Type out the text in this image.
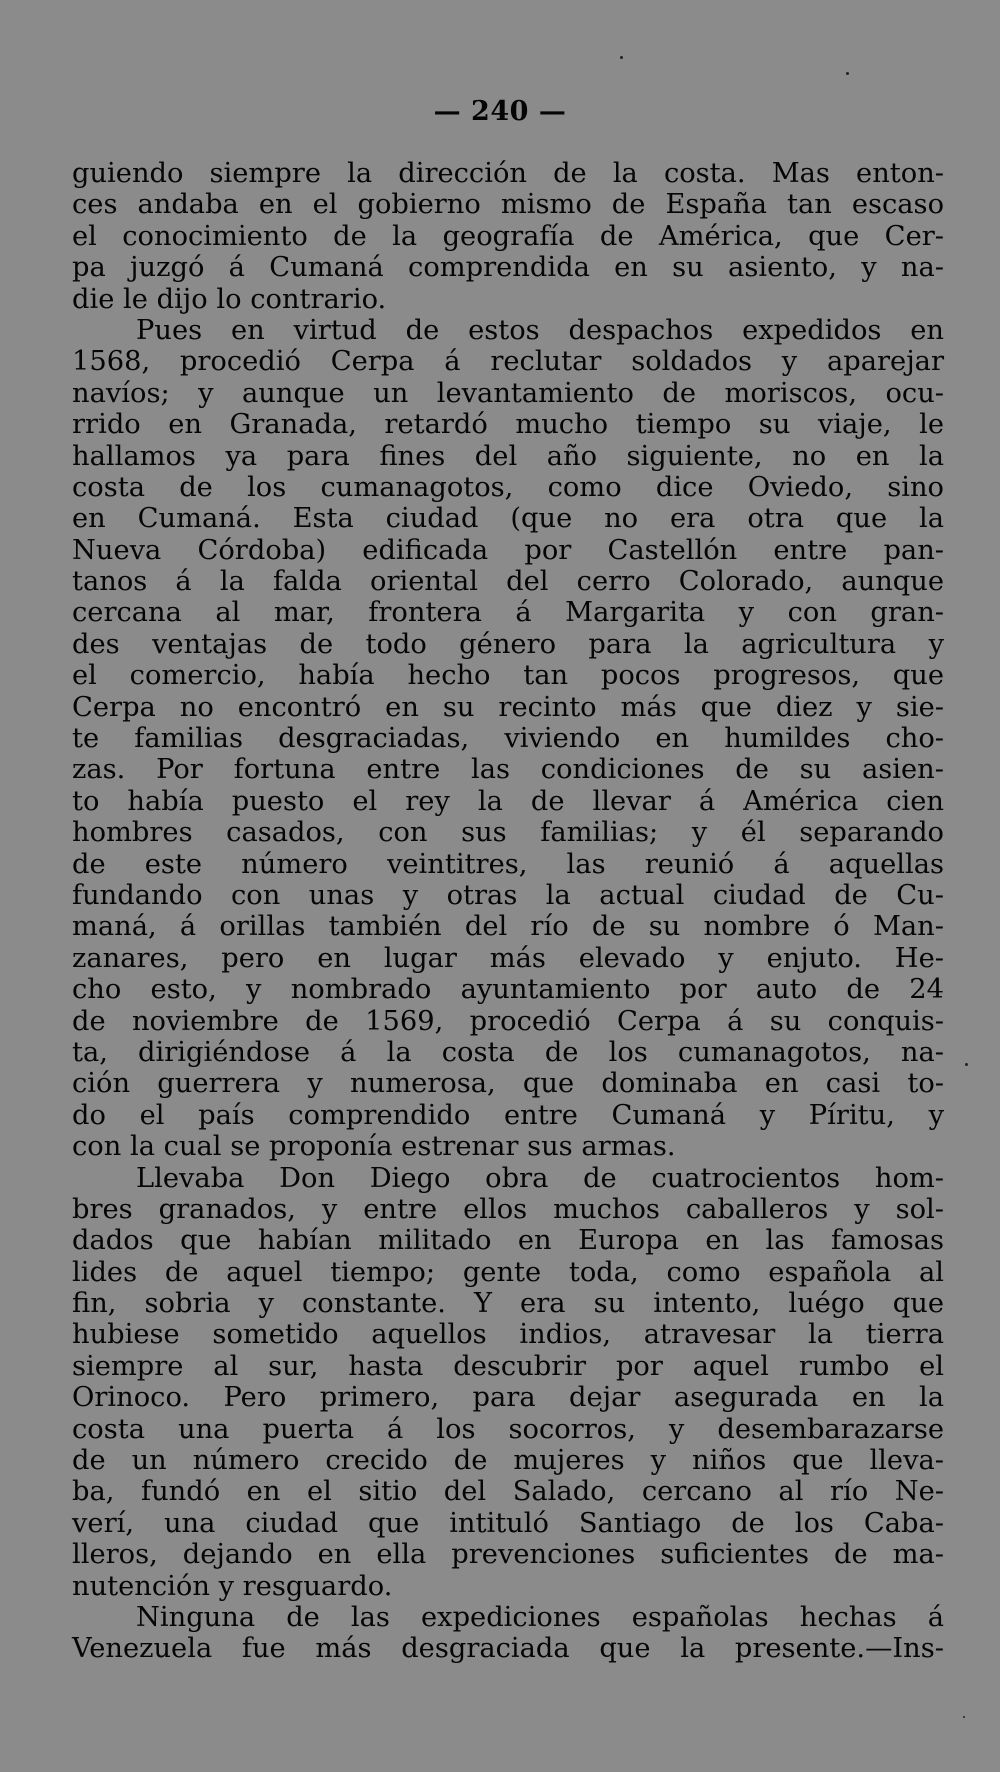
— 240 —
guiendo siempre la dirección de la costa. Mas enton-
ces andaba en el gobierno mismo de España tan escaso
el conocimiento de la geografía de América, que Cer-
pa juzgó á Cumaná comprendida en su asiento, y na-
die le dijo lo contrario.
Pues en virtud de estos despachos expedidos en
1568, procedió Cerpa á reclutar soldados y aparejar
navíos; y aunque un levantamiento de moriscos, ocu-
rrido en Granada, retardó mucho tiempo su viaje, le
hallamos ya para fines del año siguiente, no en la
costa de los cumanagotos, como dice Oviedo, sino
en Cumaná. Esta ciudad (que no era otra que la
Nueva Córdoba) edificada por Castellón entre pan-
tanos á la falda oriental del cerro Colorado, aunque
cercana al mar, frontera á Margarita y con gran-
des ventajas de todo género para la agricultura y
el comercio, había hecho tan pocos progresos, que
Cerpa no encontró en su recinto más que diez y sie-
te familias desgraciadas, viviendo en humildes cho-
zas. Por fortuna entre las condiciones de su asien-
to había puesto el rey la de llevar á América cien
hombres casados, con sus familias; y él separando
de este número veintitres, las reunió á aquellas
fundando con unas y otras la actual ciudad de Cu-
maná, á orillas también del río de su nombre ó Man-
zanares, pero en lugar más elevado y enjuto. He-
cho esto, y nombrado ayuntamiento por auto de 24
de noviembre de 1569, procedió Cerpa á su conquis-
ta, dirigiéndose á la costa de los cumanagotos, na-
ción guerrera y numerosa, que dominaba en casi to-
do el país comprendido entre Cumaná y Píritu, y
con la cual se proponía estrenar sus armas.
Llevaba Don Diego obra de cuatrocientos hom-
bres granados, y entre ellos muchos caballeros y sol-
dados que habían militado en Europa en las famosas
lides de aquel tiempo; gente toda, como española al
fin, sobria y constante. Y era su intento, luégo que
hubiese sometido aquellos indios, atravesar la tierra
siempre al sur, hasta descubrir por aquel rumbo el
Orinoco. Pero primero, para dejar asegurada en la
costa una puerta á los socorros, y desembarazarse
de un número crecido de mujeres y niños que lleva-
ba, fundó en el sitio del Salado, cercano al río Ne-
verí, una ciudad que intituló Santiago de los Caba-
lleros, dejando en ella prevenciones suficientes de ma-
nutención y resguardo.
Ninguna de las expediciones españolas hechas á
Venezuela fue más desgraciada que la presente.—Ins-
